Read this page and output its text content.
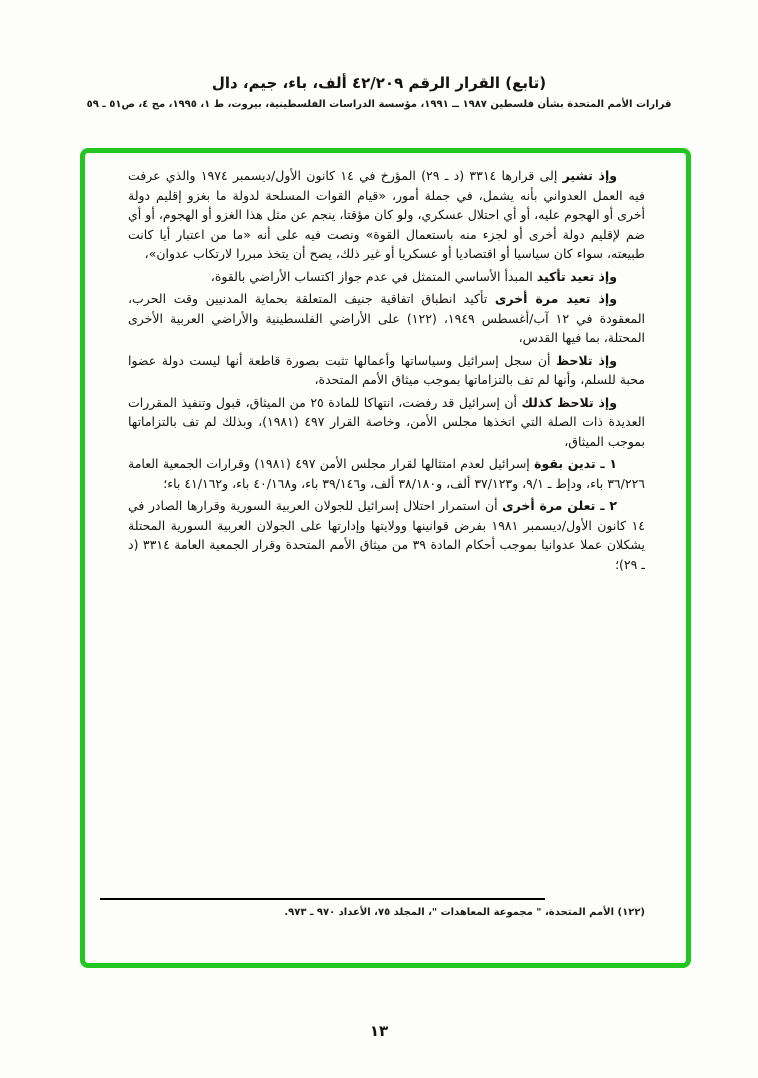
(تابع) القرار الرقم ٤٢/٢٠٩ ألف، باء، جيم، دال
قرارات الأمم المتحدة بشأن فلسطين ١٩٨٧ ــ ١٩٩١، مؤسسة الدراسات الفلسطينية، بيروت، ط ١، ١٩٩٥، مج ٤، ص٥١ ـ ٥٩

وإذ تشير إلى قرارها ٣٣١٤ (د ـ ٢٩) المؤرخ في ١٤ كانون الأول/ديسمبر ١٩٧٤ والذي عرفت فيه العمل العدواني بأنه يشمل، في جملة أمور، «قيام القوات المسلحة لدولة ما بغزو إقليم دولة أخرى أو الهجوم عليه، أو أي احتلال عسكري، ولو كان مؤقتا، ينجم عن مثل هذا الغزو أو الهجوم، أو أي ضم لإقليم دولة أخرى أو لجزء منه باستعمال القوة» ونصت فيه على أنه «ما من اعتبار أيا كانت طبيعته، سواء كان سياسيا أو اقتصاديا أو عسكريا أو غير ذلك، يصح أن يتخذ مبررا لارتكاب عدوان»،

وإذ تعيد تأكيد المبدأ الأساسي المتمثل في عدم جواز اكتساب الأراضي بالقوة،

وإذ تعيد مرة أخرى تأكيد انطباق اتفاقية جنيف المتعلقة بحماية المدنيين وقت الحرب، المعقودة في ١٢ آب/أغسطس ١٩٤٩، (١٢٢) على الأراضي الفلسطينية والأراضي العربية الأخرى المحتلة، بما فيها القدس،

وإذ تلاحظ أن سجل إسرائيل وسياساتها وأعمالها تثبت بصورة قاطعة أنها ليست دولة عضوا محبة للسلم، وأنها لم تف بالتزاماتها بموجب ميثاق الأمم المتحدة،

وإذ تلاحظ كذلك أن إسرائيل قد رفضت، انتهاكا للمادة ٢٥ من الميثاق، قبول وتنفيذ المقررات العديدة ذات الصلة التي اتخذها مجلس الأمن، وخاصة القرار ٤٩٧ (١٩٨١)، وبذلك لم تف بالتزاماتها بموجب الميثاق،

١ ـ تدين بقوة إسرائيل لعدم امتثالها لقرار مجلس الأمن ٤٩٧ (١٩٨١) وقرارات الجمعية العامة ٣٦/٢٢٦ باء، ودإط ـ ٩/١، و٣٧/١٢٣ ألف، و٣٨/١٨٠ ألف، و٣٩/١٤٦ باء، و٤٠/١٦٨ باء، و٤١/١٦٢ باء؛

٢ ـ تعلن مرة أخرى أن استمرار احتلال إسرائيل للجولان العربية السورية وقرارها الصادر في ١٤ كانون الأول/ديسمبر ١٩٨١ بفرض قوانينها وولايتها وإدارتها على الجولان العربية السورية المحتلة يشكلان عملا عدوانيا بموجب أحكام المادة ٣٩ من ميثاق الأمم المتحدة وقرار الجمعية العامة ٣٣١٤ (د ـ ٢٩)؛

(١٢٢) الأمم المتحدة، " مجموعة المعاهدات "، المجلد ٧٥، الأعداد ٩٧٠ ـ ٩٧٣.
١٣
